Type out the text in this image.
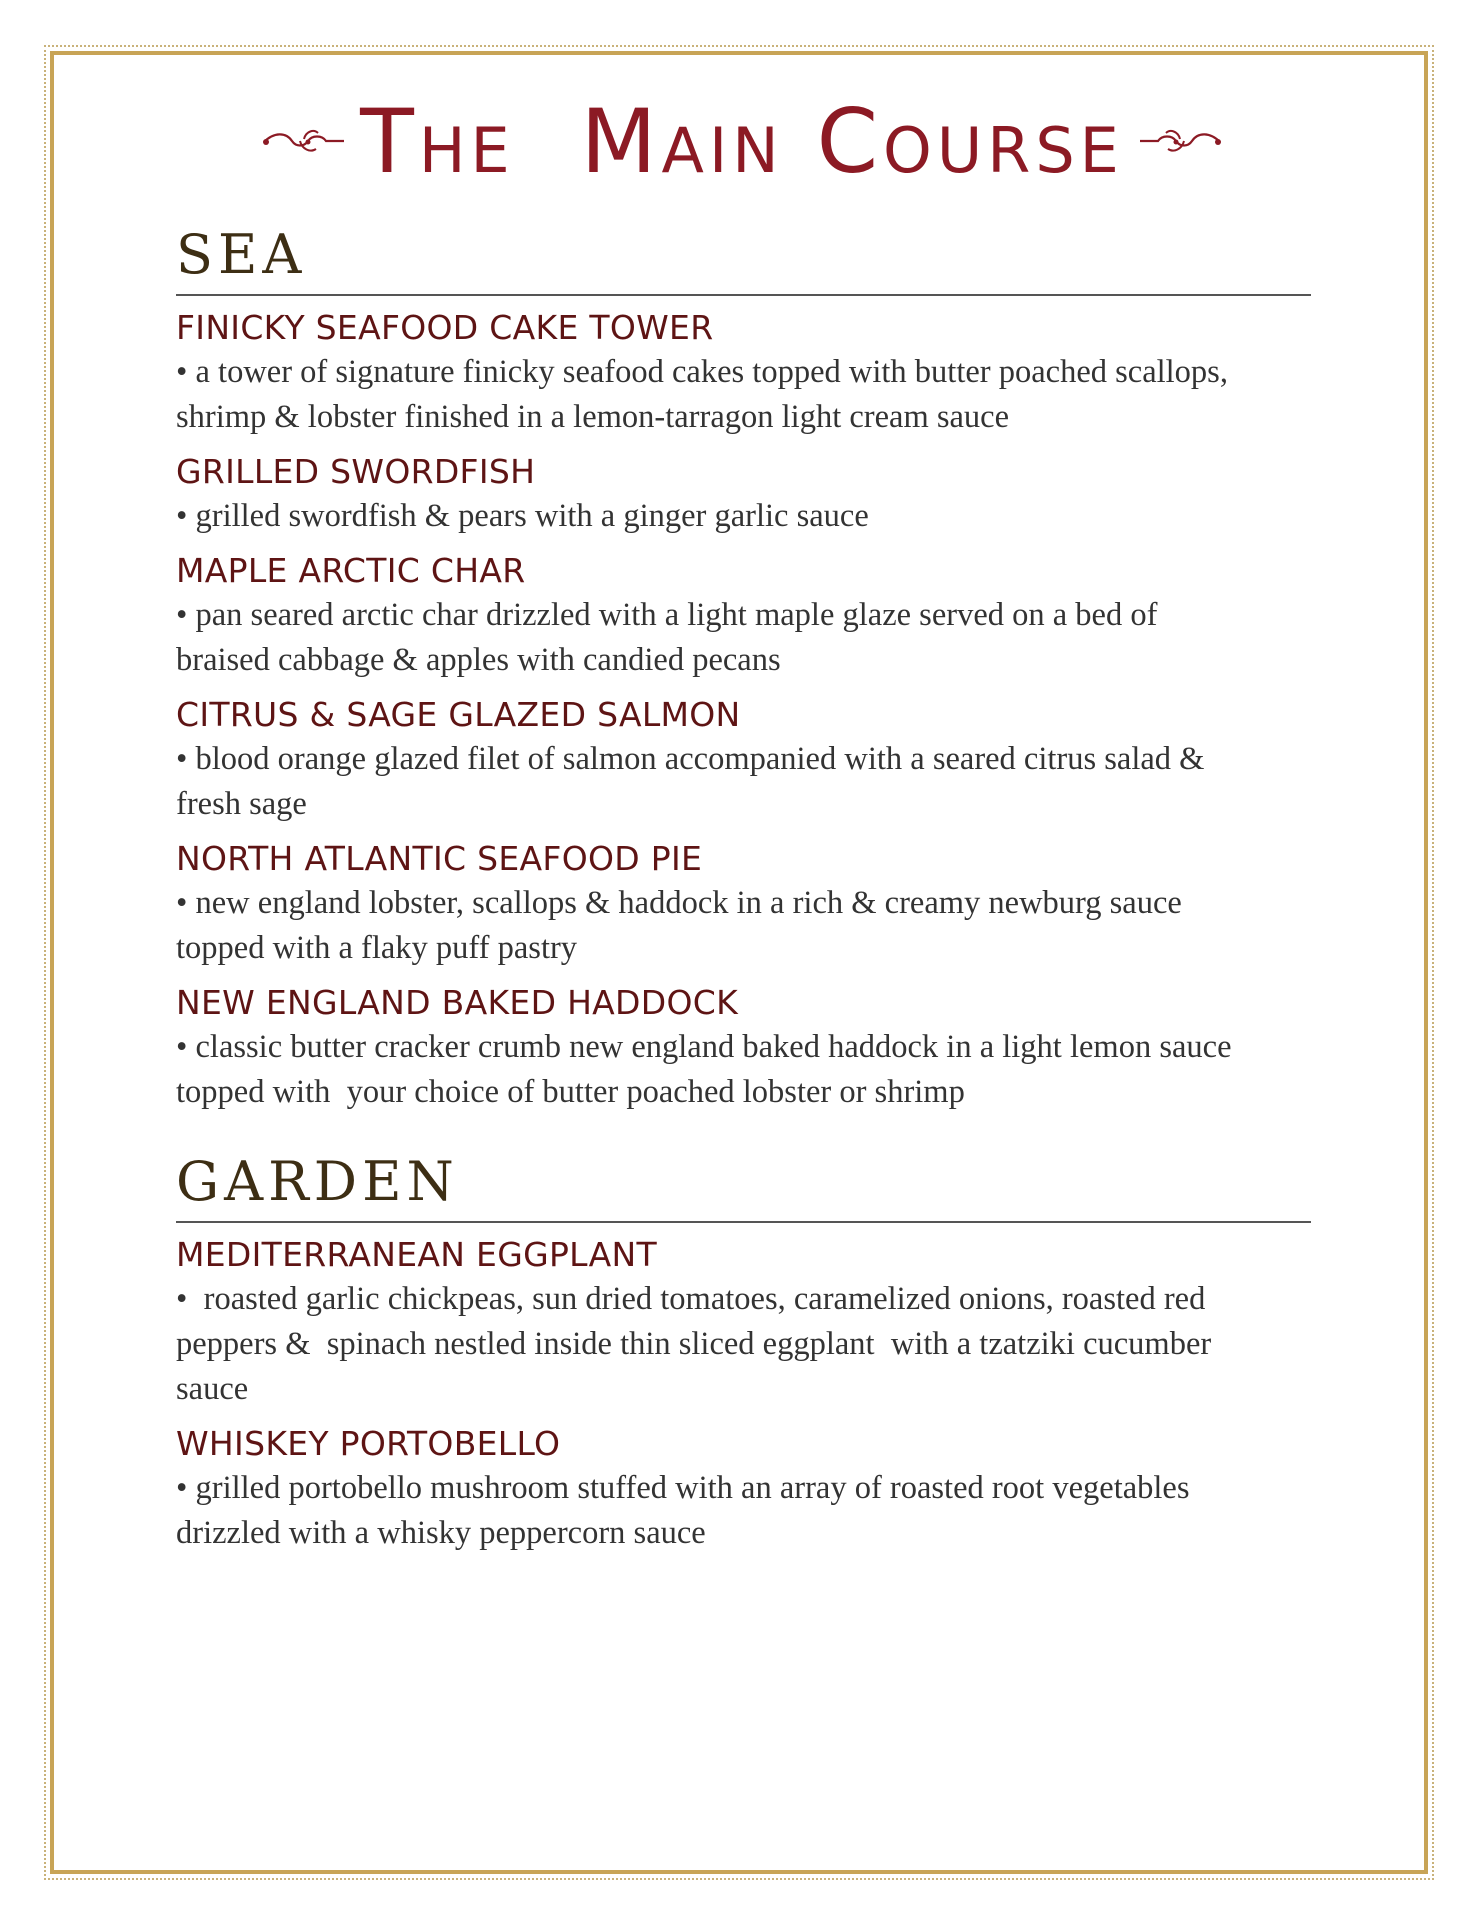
The  Main Course
SEA
FINICKY SEAFOOD CAKE TOWER
• a tower of signature finicky seafood cakes topped with butter poached scallops, shrimp & lobster finished in a lemon-tarragon light cream sauce
GRILLED SWORDFISH
• grilled swordfish & pears with a ginger garlic sauce
MAPLE ARCTIC CHAR
• pan seared arctic char drizzled with a light maple glaze served on a bed of braised cabbage & apples with candied pecans
CITRUS & SAGE GLAZED SALMON
• blood orange glazed filet of salmon accompanied with a seared citrus salad & fresh sage
NORTH ATLANTIC SEAFOOD PIE
• new england lobster, scallops & haddock in a rich & creamy newburg sauce topped with a flaky puff pastry
NEW ENGLAND BAKED HADDOCK
• classic butter cracker crumb new england baked haddock in a light lemon sauce topped with  your choice of butter poached lobster or shrimp
GARDEN
MEDITERRANEAN EGGPLANT
•  roasted garlic chickpeas, sun dried tomatoes, caramelized onions, roasted red peppers &  spinach nestled inside thin sliced eggplant  with a tzatziki cucumber sauce
WHISKEY PORTOBELLO
• grilled portobello mushroom stuffed with an array of roasted root vegetables drizzled with a whisky peppercorn sauce
